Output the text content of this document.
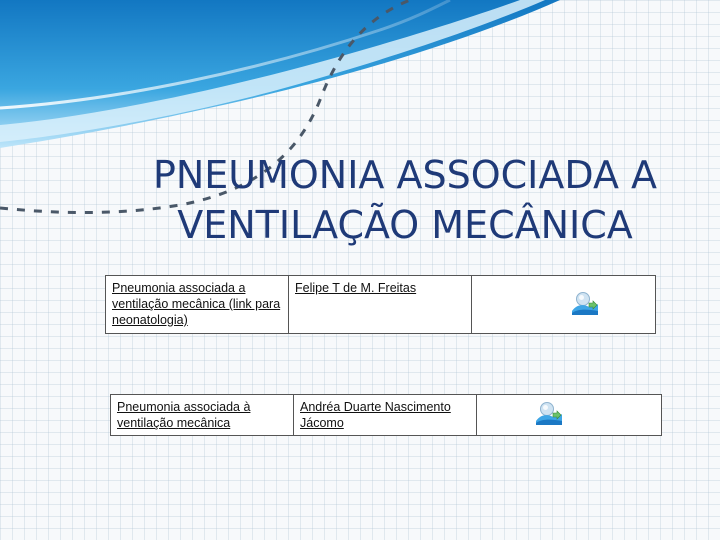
PNEUMONIA ASSOCIADA A
VENTILAÇÃO MECÂNICA
Pneumonia associada a ventilação mecânica (link para neonatologia)	Felipe T de M. Freitas	
Pneumonia associada à ventilação mecânica	Andréa Duarte Nascimento Jácomo	
